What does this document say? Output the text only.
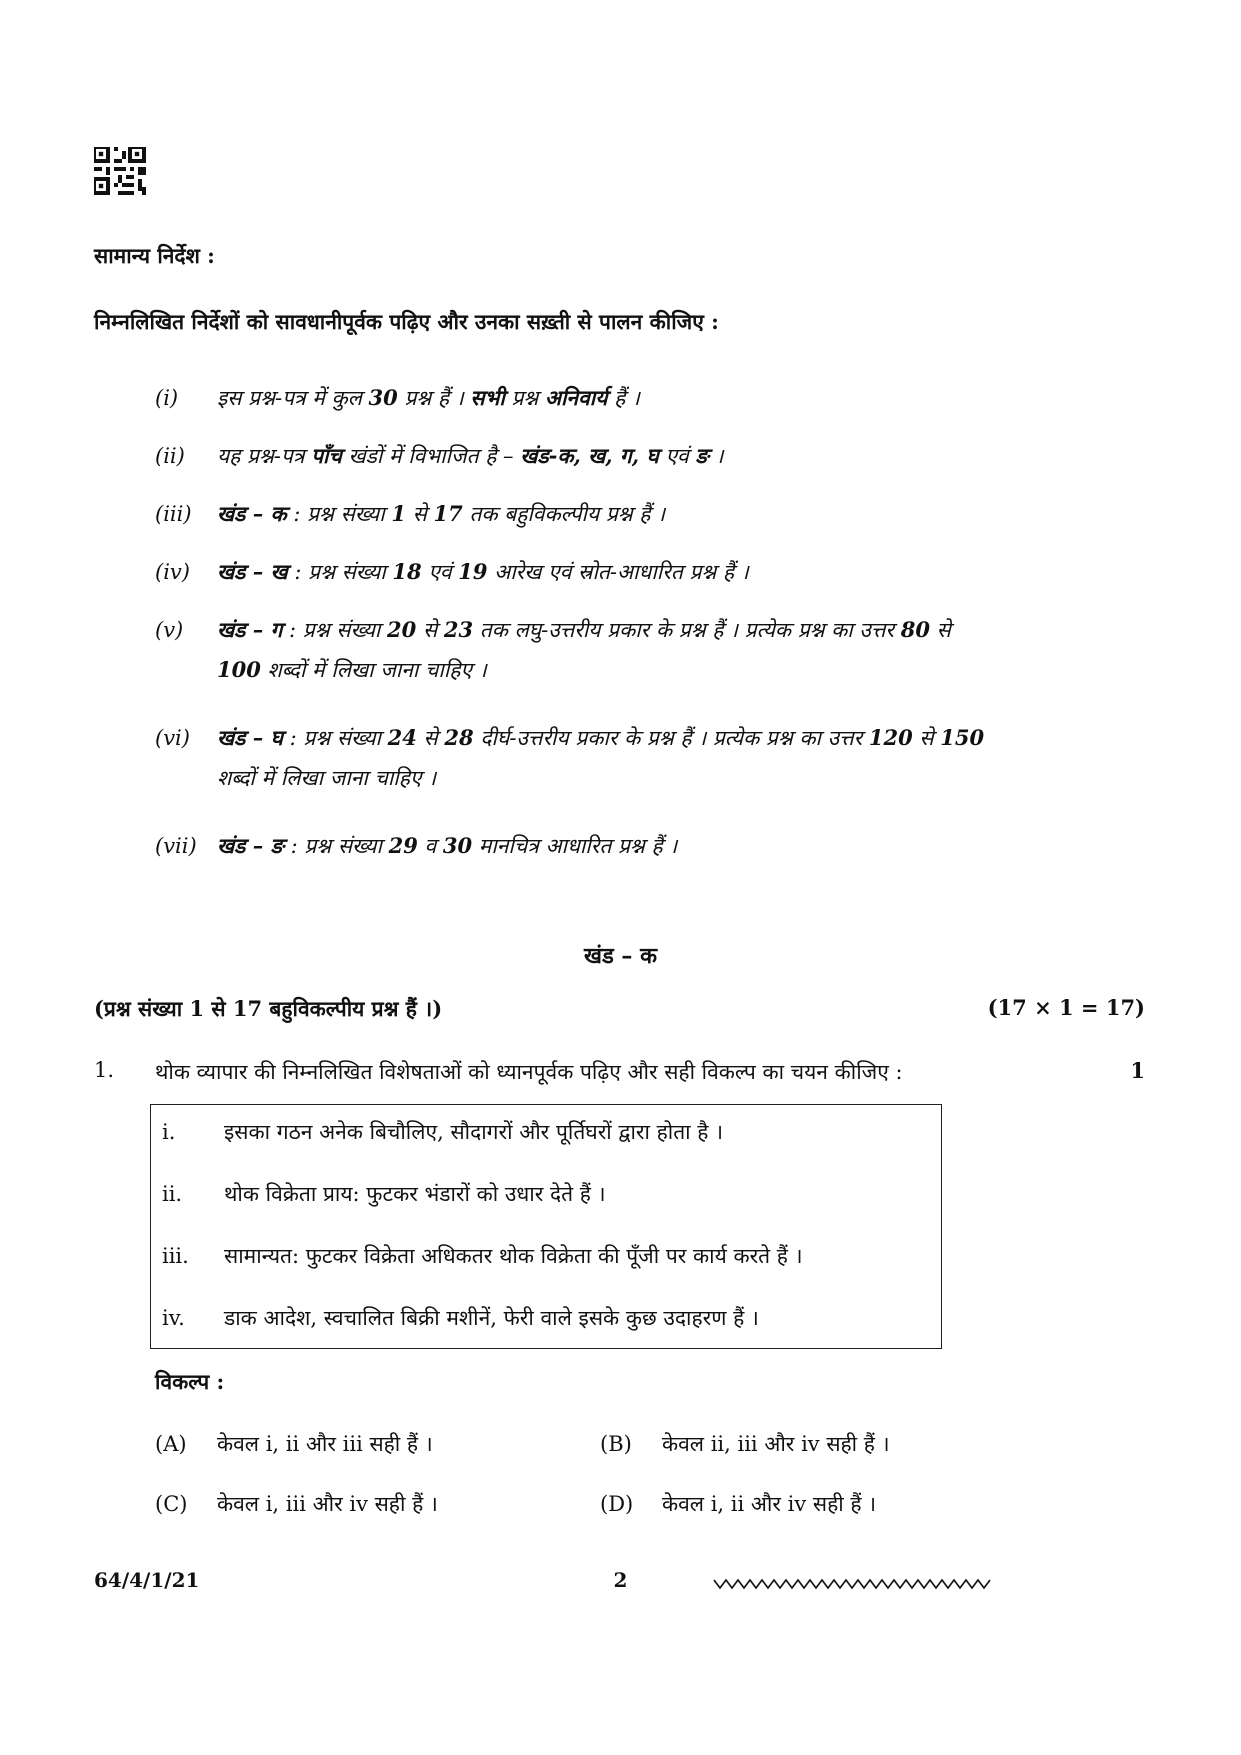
सामान्य निर्देश :
निम्नलिखित निर्देशों को सावधानीपूर्वक पढ़िए और उनका सख़्ती से पालन कीजिए :
(i) इस प्रश्न-पत्र में कुल 30 प्रश्न हैं । सभी प्रश्न अनिवार्य हैं ।
(ii) यह प्रश्न-पत्र पाँच खंडों में विभाजित है – खंड-क, ख, ग, घ एवं ङ ।
(iii) खंड – क : प्रश्न संख्या 1 से 17 तक बहुविकल्पीय प्रश्न हैं ।
(iv) खंड – ख : प्रश्न संख्या 18 एवं 19 आरेख एवं स्रोत-आधारित प्रश्न हैं ।
(v) खंड – ग : प्रश्न संख्या 20 से 23 तक लघु-उत्तरीय प्रकार के प्रश्न हैं । प्रत्येक प्रश्न का उत्तर 80 से
100 शब्दों में लिखा जाना चाहिए ।
(vi) खंड – घ : प्रश्न संख्या 24 से 28 दीर्घ-उत्तरीय प्रकार के प्रश्न हैं । प्रत्येक प्रश्न का उत्तर 120 से 150
शब्दों में लिखा जाना चाहिए ।
(vii) खंड – ङ : प्रश्न संख्या 29 व 30 मानचित्र आधारित प्रश्न हैं ।
खंड – क
(प्रश्न संख्या 1 से 17 बहुविकल्पीय प्रश्न हैं ।)	(17 × 1 = 17)
1. थोक व्यापार की निम्नलिखित विशेषताओं को ध्यानपूर्वक पढ़िए और सही विकल्प का चयन कीजिए :	1
i. इसका गठन अनेक बिचौलिए, सौदागरों और पूर्तिघरों द्वारा होता है ।
ii. थोक विक्रेता प्राय: फुटकर भंडारों को उधार देते हैं ।
iii. सामान्यत: फुटकर विक्रेता अधिकतर थोक विक्रेता की पूँजी पर कार्य करते हैं ।
iv. डाक आदेश, स्वचालित बिक्री मशीनें, फेरी वाले इसके कुछ उदाहरण हैं ।
विकल्प :
(A) केवल i, ii और iii सही हैं ।	(B) केवल ii, iii और iv सही हैं ।
(C) केवल i, iii और iv सही हैं ।	(D) केवल i, ii और iv सही हैं ।
64/4/1/21	2
